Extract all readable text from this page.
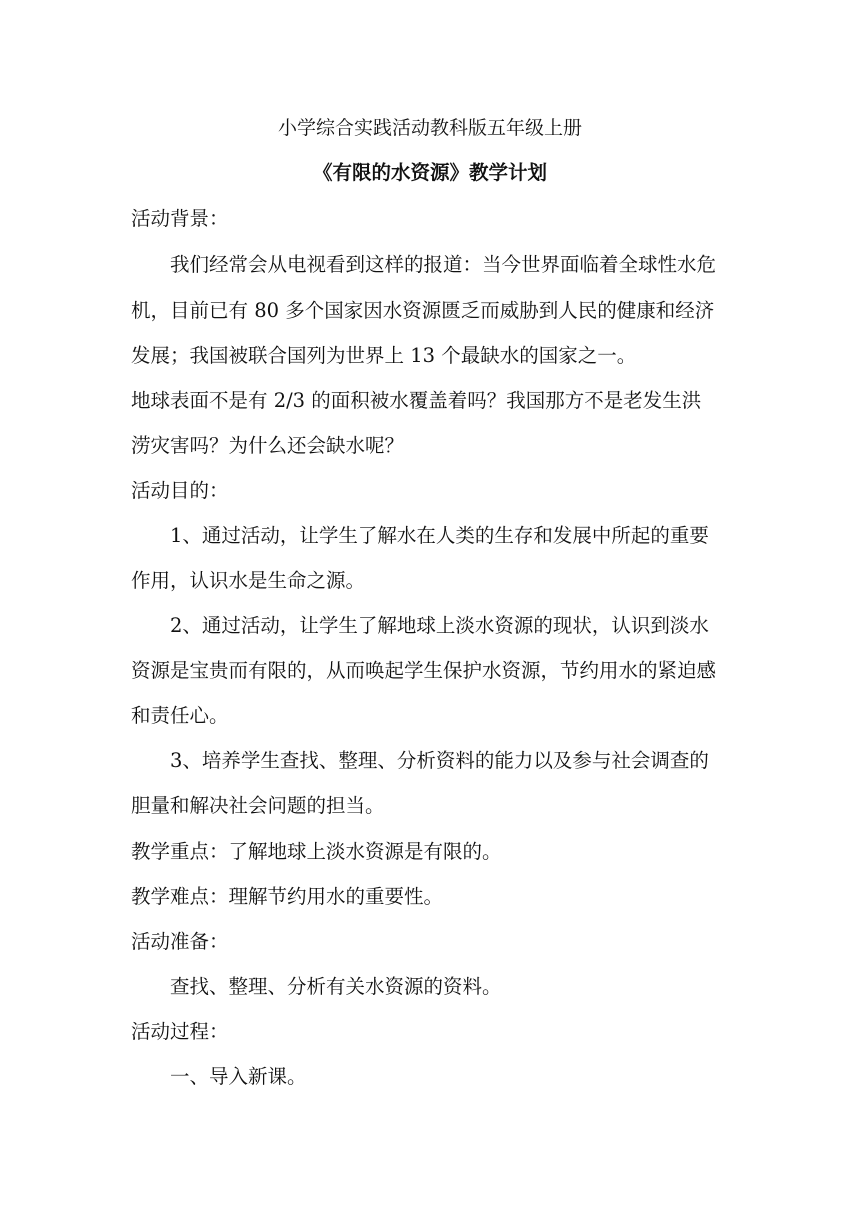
小学综合实践活动教科版五年级上册

《有限的水资源》教学计划

活动背景：

我们经常会从电视看到这样的报道：当今世界面临着全球性水危

机，目前已有 80 多个国家因水资源匮乏而威胁到人民的健康和经济

发展；我国被联合国列为世界上 13 个最缺水的国家之一。

地球表面不是有 2/3 的面积被水覆盖着吗？我国那方不是老发生洪

涝灾害吗？为什么还会缺水呢？

活动目的：

1、通过活动，让学生了解水在人类的生存和发展中所起的重要

作用，认识水是生命之源。

2、通过活动，让学生了解地球上淡水资源的现状，认识到淡水

资源是宝贵而有限的，从而唤起学生保护水资源，节约用水的紧迫感

和责任心。

3、培养学生查找、整理、分析资料的能力以及参与社会调查的

胆量和解决社会问题的担当。

教学重点：了解地球上淡水资源是有限的。

教学难点：理解节约用水的重要性。

活动准备：

查找、整理、分析有关水资源的资料。

活动过程：

一、导入新课。
